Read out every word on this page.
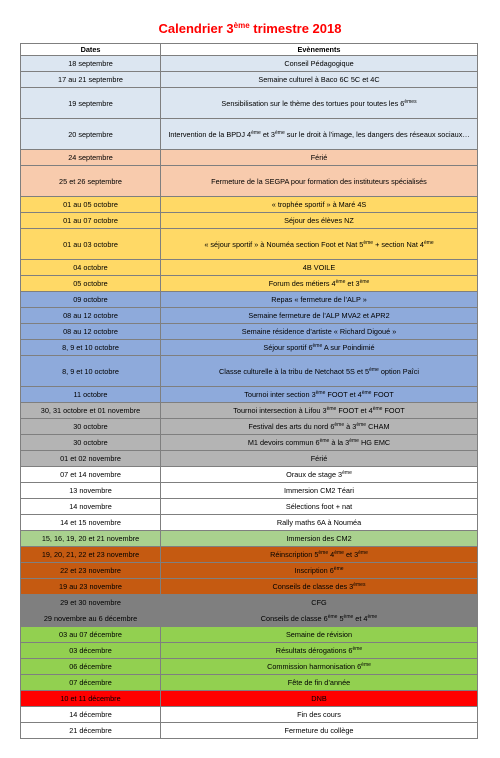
Calendrier 3ème trimestre 2018
Dates	Evènements
18 septembre	Conseil Pédagogique
17 au 21 septembre	Semaine culturel à Baco 6C 5C et 4C
19 septembre	Sensibilisation sur le thème des tortues pour toutes les 6èmes
20 septembre	Intervention de la BPDJ 4ème et 3ème sur le droit à l’image, les dangers des réseaux sociaux…
24 septembre	Férié
25 et 26 septembre	Fermeture de la SEGPA pour formation des instituteurs spécialisés
01 au 05 octobre	« trophée sportif » à Maré 4S
01 au 07 octobre	Séjour des élèves NZ
01 au 03 octobre	« séjour sportif » à Nouméa section Foot et Nat 5ème + section Nat 4ème
04 octobre	4B VOILE
05 octobre	Forum des métiers 4ème et 3ème
09 octobre	Repas « fermeture de l’ALP »
08 au 12 octobre	Semaine fermeture de l’ALP MVA2 et APR2
08 au 12 octobre	Semaine résidence d’artiste « Richard Digoué »
8, 9 et 10 octobre	Séjour sportif 6ème A sur Poindimié
8, 9 et 10 octobre	Classe culturelle à la tribu de Netchaot 5S et 5ème option Paîci
11 octobre	Tournoi inter section 3ème FOOT et 4ème FOOT
30, 31 octobre et 01 novembre	Tournoi intersection à Lifou 3ème FOOT et 4ème FOOT
30 octobre	Festival des arts du nord 6ème à 3ème CHAM
30 octobre	M1 devoirs commun 6ème à la 3ème HG EMC
01 et 02 novembre	Férié
07 et 14 novembre	Oraux de stage 3ème
13 novembre	Immersion CM2 Téari
14 novembre	Sélections foot + nat
14 et 15 novembre	Rally maths 6A à Nouméa
15, 16, 19, 20 et 21 novembre	Immersion des CM2
19, 20, 21, 22 et 23 novembre	Réinscription 5ème 4ème et 3ème
22 et 23 novembre	Inscription 6ème
19 au 23 novembre	Conseils de classe des 3èmes
29 et 30 novembre	CFG
29 novembre au 6 décembre	Conseils de classe 6ème 5ème et 4ème
03 au 07 décembre	Semaine de révision
03 décembre	Résultats dérogations 6ème
06 décembre	Commission harmonisation 6ème
07 décembre	Fête de fin d’année
10 et 11 décembre	DNB
14 décembre	Fin des cours
21 décembre	Fermeture du collège
